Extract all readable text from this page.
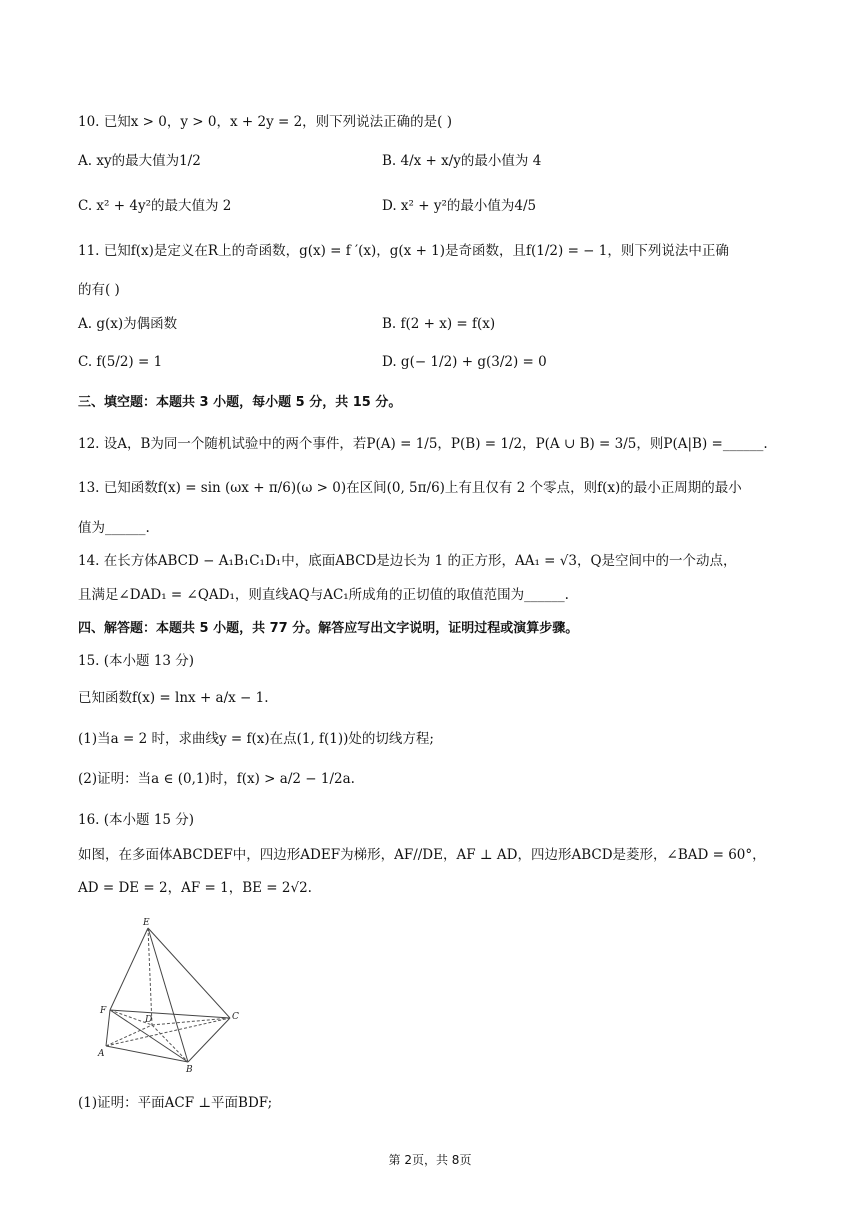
10. 已知x > 0，y > 0，x + 2y = 2，则下列说法正确的是( )
A. xy的最大值为1/2	B. 4/x + x/y的最小值为 4
C. x² + 4y²的最大值为 2	D. x² + y²的最小值为4/5
11. 已知f(x)是定义在R上的奇函数，g(x) = f ′(x)，g(x + 1)是奇函数，且f(1/2) = − 1，则下列说法中正确
的有( )
A. g(x)为偶函数	B. f(2 + x) = f(x)
C. f(5/2) = 1	D. g(− 1/2) + g(3/2) = 0
三、填空题：本题共 3 小题，每小题 5 分，共 15 分。
12. 设A，B为同一个随机试验中的两个事件，若P(A) = 1/5，P(B) = 1/2，P(A ∪ B) = 3/5，则P(A|B) =______.
13. 已知函数f(x) = sin (ωx + π/6)(ω > 0)在区间(0, 5π/6)上有且仅有 2 个零点，则f(x)的最小正周期的最小
值为______.
14. 在长方体ABCD − A₁B₁C₁D₁中，底面ABCD是边长为 1 的正方形，AA₁ = √3，Q是空间中的一个动点，
且满足∠DAD₁ = ∠QAD₁，则直线AQ与AC₁所成角的正切值的取值范围为______.
四、解答题：本题共 5 小题，共 77 分。解答应写出文字说明，证明过程或演算步骤。
15. (本小题 13 分)
已知函数f(x) = lnx + a/x − 1.
(1)当a = 2 时，求曲线y = f(x)在点(1, f(1))处的切线方程;
(2)证明：当a ∈ (0,1)时，f(x) > a/2 − 1/2a.
16. (本小题 15 分)
如图，在多面体ABCDEF中，四边形ADEF为梯形，AF//DE，AF ⊥ AD，四边形ABCD是菱形，∠BAD = 60°，
AD = DE = 2，AF = 1，BE = 2√2.
E
F
D	C
A
B
(1)证明：平面ACF ⊥平面BDF;
第 2页，共 8页
